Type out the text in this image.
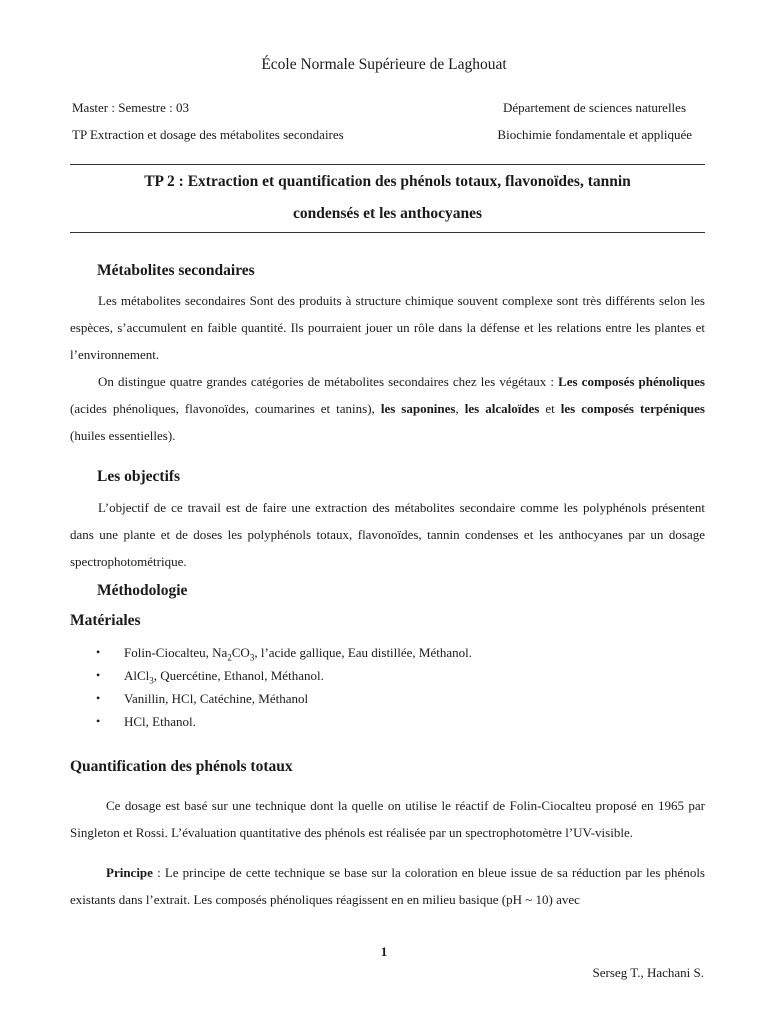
École Normale Supérieure de Laghouat
Master : Semestre : 03
TP Extraction et dosage des métabolites secondaires
Département de sciences naturelles
Biochimie fondamentale et appliquée
TP 2 : Extraction et quantification des phénols totaux, flavonoïdes, tannin
condensés et les anthocyanes
Métabolites secondaires

Les métabolites secondaires Sont des produits à structure chimique souvent complexe sont très différents selon les espèces, s’accumulent en faible quantité. Ils pourraient jouer un rôle dans la défense et les relations entre les plantes et l’environnement.

On distingue quatre grandes catégories de métabolites secondaires chez les végétaux : Les composés phénoliques (acides phénoliques, flavonoïdes, coumarines et tanins), les saponines, les alcaloïdes et les composés terpéniques (huiles essentielles).

Les objectifs

L’objectif de ce travail est de faire une extraction des métabolites secondaire comme les polyphénols présentent dans une plante et de doses les polyphénols totaux, flavonoïdes, tannin condenses et les anthocyanes par un dosage spectrophotométrique.

Méthodologie
Matériales
• Folin-Ciocalteu, $Na_2CO_3$, l’acide gallique, Eau distillée, Méthanol.
• AlCl$_3$, Quercétine, Ethanol, Méthanol.
• Vanillin, HCl, Catéchine, Méthanol
• HCl, Ethanol.
Quantification des phénols totaux

Ce dosage est basé sur une technique dont la quelle on utilise le réactif de Folin-Ciocalteu proposé en 1965 par Singleton et Rossi. L’évaluation quantitative des phénols est réalisée par un spectrophotomètre l’UV-visible.

Principe : Le principe de cette technique se base sur la coloration en bleue issue de sa réduction par les phénols existants dans l’extrait. Les composés phénoliques réagissent en en milieu basique (pH ~ 10) avec

1
Serseg T., Hachani S.
